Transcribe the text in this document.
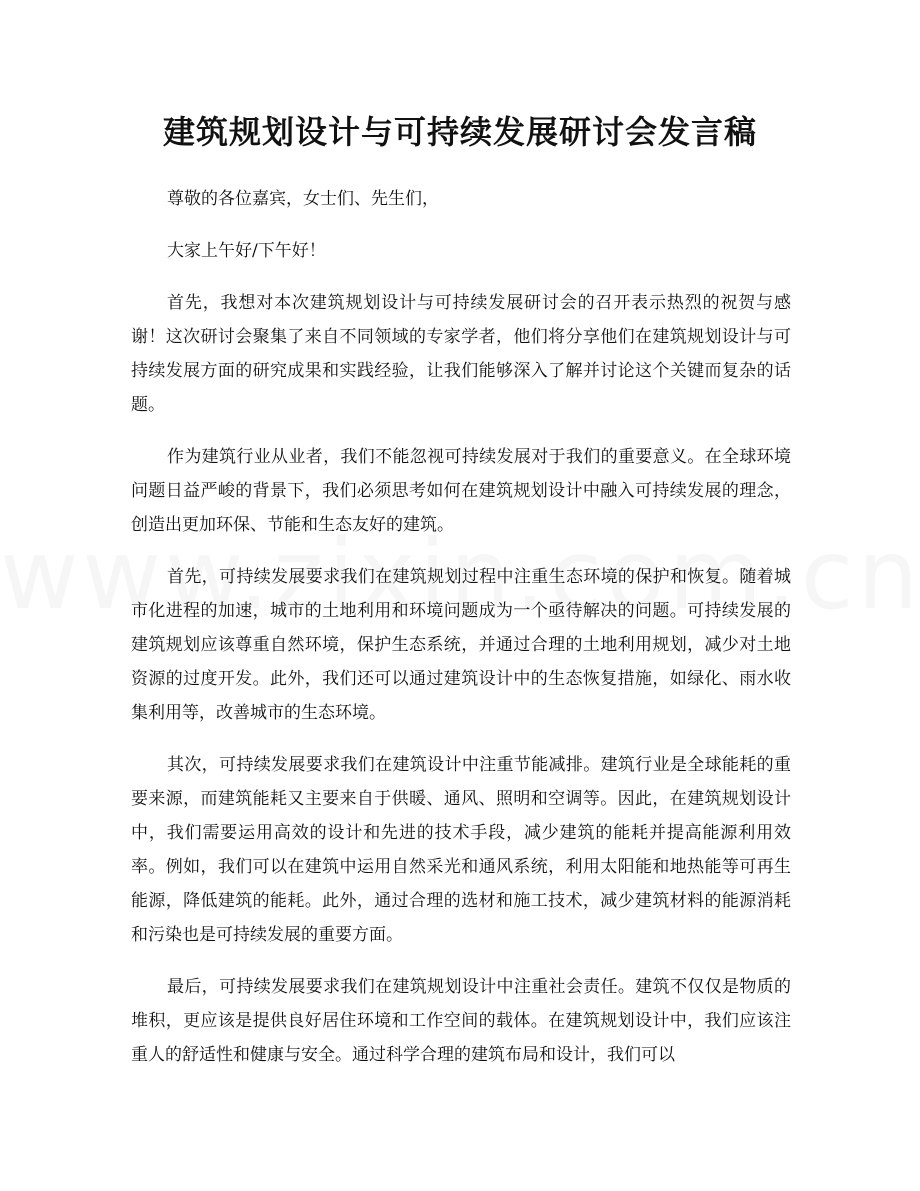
建筑规划设计与可持续发展研讨会发言稿

尊敬的各位嘉宾，女士们、先生们，

大家上午好/下午好！

首先，我想对本次建筑规划设计与可持续发展研讨会的召开表示热烈的祝贺与感谢！这次研讨会聚集了来自不同领域的专家学者，他们将分享他们在建筑规划设计与可持续发展方面的研究成果和实践经验，让我们能够深入了解并讨论这个关键而复杂的话题。

作为建筑行业从业者，我们不能忽视可持续发展对于我们的重要意义。在全球环境问题日益严峻的背景下，我们必须思考如何在建筑规划设计中融入可持续发展的理念，创造出更加环保、节能和生态友好的建筑。

首先，可持续发展要求我们在建筑规划过程中注重生态环境的保护和恢复。随着城市化进程的加速，城市的土地利用和环境问题成为一个亟待解决的问题。可持续发展的建筑规划应该尊重自然环境，保护生态系统，并通过合理的土地利用规划，减少对土地资源的过度开发。此外，我们还可以通过建筑设计中的生态恢复措施，如绿化、雨水收集利用等，改善城市的生态环境。

其次，可持续发展要求我们在建筑设计中注重节能减排。建筑行业是全球能耗的重要来源，而建筑能耗又主要来自于供暖、通风、照明和空调等。因此，在建筑规划设计中，我们需要运用高效的设计和先进的技术手段，减少建筑的能耗并提高能源利用效率。例如，我们可以在建筑中运用自然采光和通风系统，利用太阳能和地热能等可再生能源，降低建筑的能耗。此外，通过合理的选材和施工技术，减少建筑材料的能源消耗和污染也是可持续发展的重要方面。

最后，可持续发展要求我们在建筑规划设计中注重社会责任。建筑不仅仅是物质的堆积，更应该是提供良好居住环境和工作空间的载体。在建筑规划设计中，我们应该注重人的舒适性和健康与安全。通过科学合理的建筑布局和设计，我们可以
